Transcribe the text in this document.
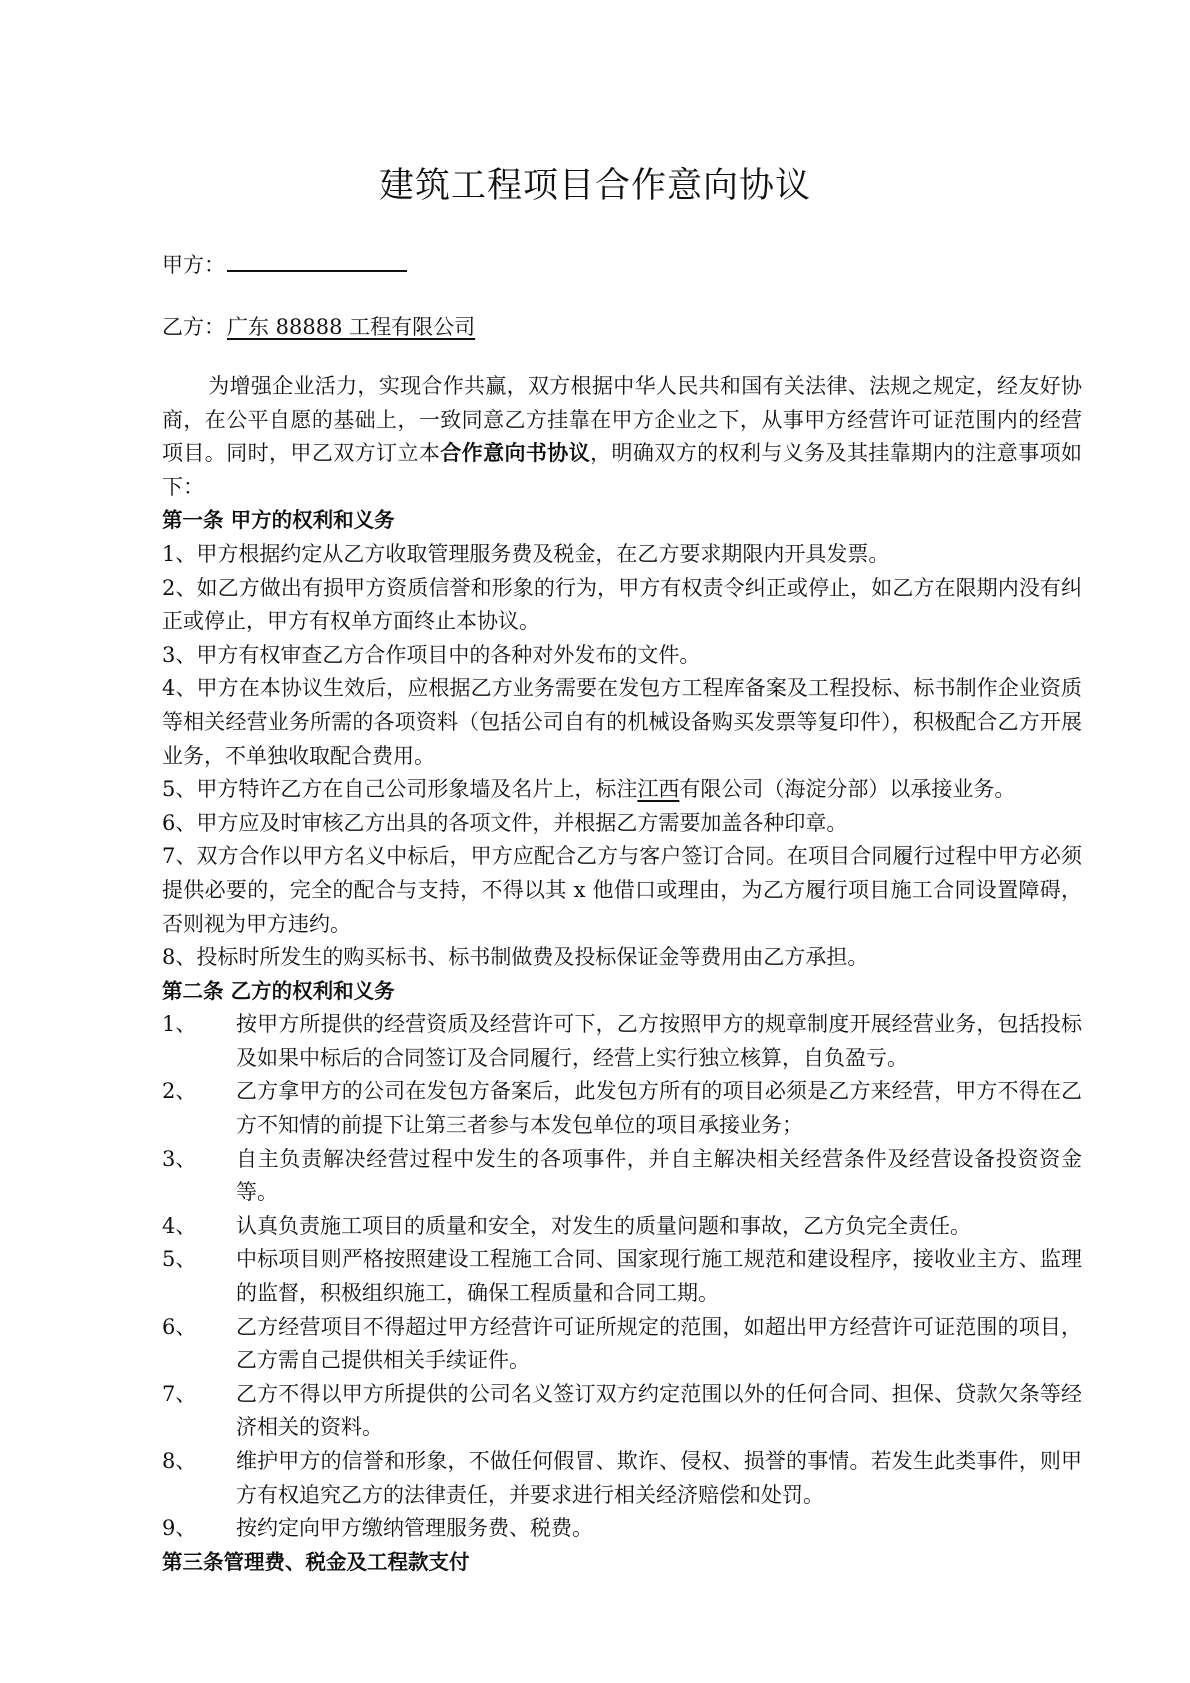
建筑工程项目合作意向协议
甲方：
乙方：广东 88888 工程有限公司

为增强企业活力，实现合作共赢，双方根据中华人民共和国有关法律、法规之规定，经友好协商，在公平自愿的基础上，一致同意乙方挂靠在甲方企业之下，从事甲方经营许可证范围内的经营项目。同时，甲乙双方订立本合作意向书协议，明确双方的权利与义务及其挂靠期内的注意事项如下：

第一条 甲方的权利和义务

1、甲方根据约定从乙方收取管理服务费及税金，在乙方要求期限内开具发票。

2、如乙方做出有损甲方资质信誉和形象的行为，甲方有权责令纠正或停止，如乙方在限期内没有纠正或停止，甲方有权单方面终止本协议。

3、甲方有权审查乙方合作项目中的各种对外发布的文件。

4、甲方在本协议生效后，应根据乙方业务需要在发包方工程库备案及工程投标、标书制作企业资质等相关经营业务所需的各项资料（包括公司自有的机械设备购买发票等复印件），积极配合乙方开展业务，不单独收取配合费用。

5、甲方特许乙方在自己公司形象墙及名片上，标注江西有限公司（海淀分部）以承接业务。

6、甲方应及时审核乙方出具的各项文件，并根据乙方需要加盖各种印章。

7、双方合作以甲方名义中标后，甲方应配合乙方与客户签订合同。在项目合同履行过程中甲方必须提供必要的，完全的配合与支持，不得以其 x 他借口或理由，为乙方履行项目施工合同设置障碍，否则视为甲方违约。

8、投标时所发生的购买标书、标书制做费及投标保证金等费用由乙方承担。

第二条 乙方的权利和义务

1、	按甲方所提供的经营资质及经营许可下，乙方按照甲方的规章制度开展经营业务，包括投标及如果中标后的合同签订及合同履行，经营上实行独立核算，自负盈亏。
2、	乙方拿甲方的公司在发包方备案后，此发包方所有的项目必须是乙方来经营，甲方不得在乙方不知情的前提下让第三者参与本发包单位的项目承接业务；
3、	自主负责解决经营过程中发生的各项事件，并自主解决相关经营条件及经营设备投资资金等。
4、	认真负责施工项目的质量和安全，对发生的质量问题和事故，乙方负完全责任。
5、	中标项目则严格按照建设工程施工合同、国家现行施工规范和建设程序，接收业主方、监理的监督，积极组织施工，确保工程质量和合同工期。
6、	乙方经营项目不得超过甲方经营许可证所规定的范围，如超出甲方经营许可证范围的项目，乙方需自己提供相关手续证件。
7、	乙方不得以甲方所提供的公司名义签订双方约定范围以外的任何合同、担保、贷款欠条等经济相关的资料。
8、	维护甲方的信誉和形象，不做任何假冒、欺诈、侵权、损誉的事情。若发生此类事件，则甲方有权追究乙方的法律责任，并要求进行相关经济赔偿和处罚。
9、	按约定向甲方缴纳管理服务费、税费。

第三条管理费、税金及工程款支付
